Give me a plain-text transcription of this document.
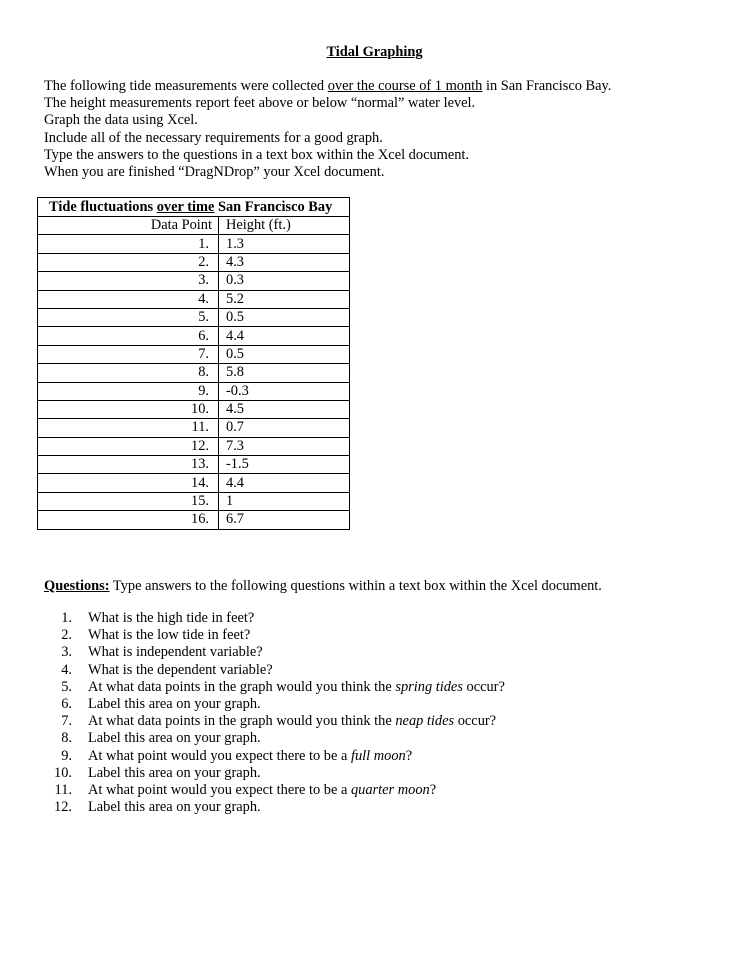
Tidal Graphing
The following tide measurements were collected over the course of 1 month in San Francisco Bay.
The height measurements report feet above or below “normal” water level.
Graph the data using Xcel.
Include all of the necessary requirements for a good graph.
Type the answers to the questions in a text box within the Xcel document.
When you are finished “DragNDrop” your Xcel document.
Tide fluctuations over time San Francisco Bay	
Data Point	Height (ft.)
1.	1.3
2.	4.3
3.	0.3
4.	5.2
5.	0.5
6.	4.4
7.	0.5
8.	5.8
9.	-0.3
10.	4.5
11.	0.7
12.	7.3
13.	-1.5
14.	4.4
15.	1
16.	6.7
Questions: Type answers to the following questions within a text box within the Xcel document.
1. What is the high tide in feet?
2. What is the low tide in feet?
3. What is independent variable?
4. What is the dependent variable?
5. At what data points in the graph would you think the spring tides occur?
6. Label this area on your graph.
7. At what data points in the graph would you think the neap tides occur?
8. Label this area on your graph.
9. At what point would you expect there to be a full moon?
10. Label this area on your graph.
11. At what point would you expect there to be a quarter moon?
12. Label this area on your graph.
